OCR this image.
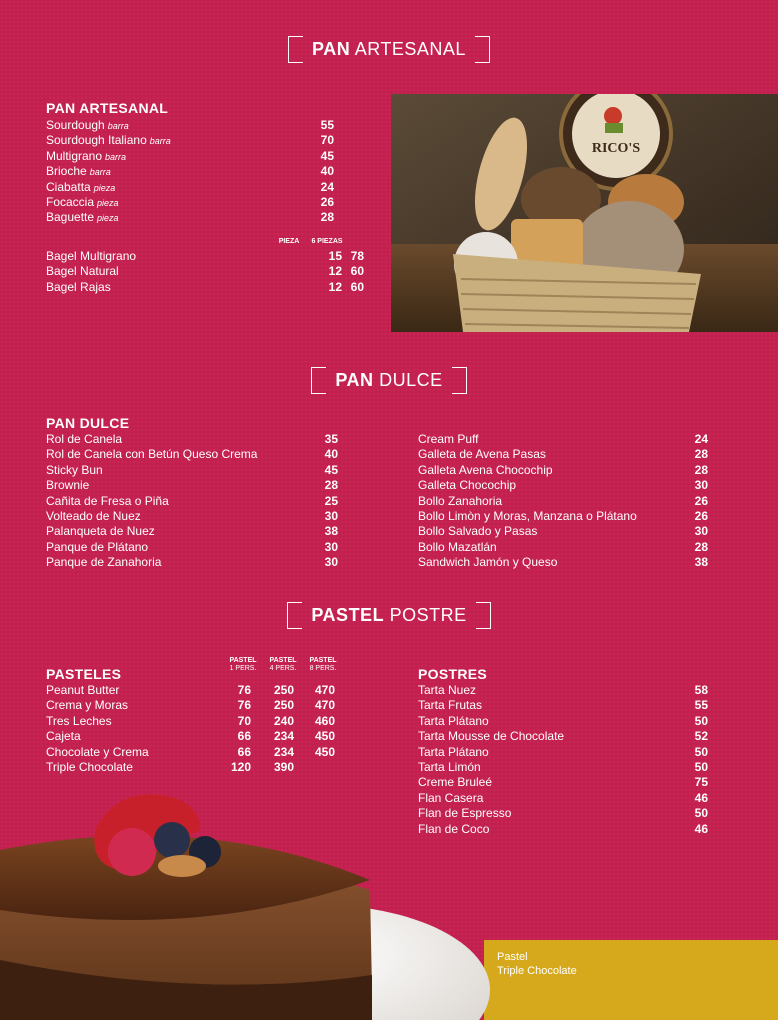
PAN ARTESANAL
PAN DULCE
PASTEL POSTRE
PAN ARTESANAL
Sourdough barra	55
Sourdough Italiano barra	70
Multigrano barra	45
Brioche barra	40
Ciabatta pieza	24
Focaccia pieza	26
Baguette pieza	28
PIEZA	6 PIEZAS
Bagel Multigrano	15 78
Bagel Natural	12 60
Bagel Rajas	12 60
RICO'S
PAN DULCE
Rol de Canela	35
Rol de Canela con Betún Queso Crema	40
Sticky Bun	45
Brownie	28
Cañita de Fresa o Piña	25
Volteado de Nuez	30
Palanqueta de Nuez	38
Panque de Plátano	30
Panque de Zanahoria	30
Cream Puff	24
Galleta de Avena Pasas	28
Galleta Avena Chocochip	28
Galleta Chocochip	30
Bollo Zanahoria	26
Bollo Limòn y Moras, Manzana o Plátano	26
Bollo Salvado y Pasas	30
Bollo Mazatlán	28
Sandwich Jamón y Queso	38
PASTELES
PASTEL
1 PERS.
PASTEL
4 PERS.
PASTEL
8 PERS.
Peanut Butter	76	250	470
Crema y Moras	76	250	470
Tres Leches	70	240	460
Cajeta	66	234	450
Chocolate y Crema	66	234	450
Triple Chocolate	120	390
POSTRES
Tarta Nuez	58
Tarta Frutas	55
Tarta Plátano	50
Tarta Mousse de Chocolate	52
Tarta Plátano	50
Tarta Limón	50
Creme Bruleé	75
Flan Casera	46
Flan de Espresso	50
Flan de Coco	46
Pastel
Triple Chocolate
